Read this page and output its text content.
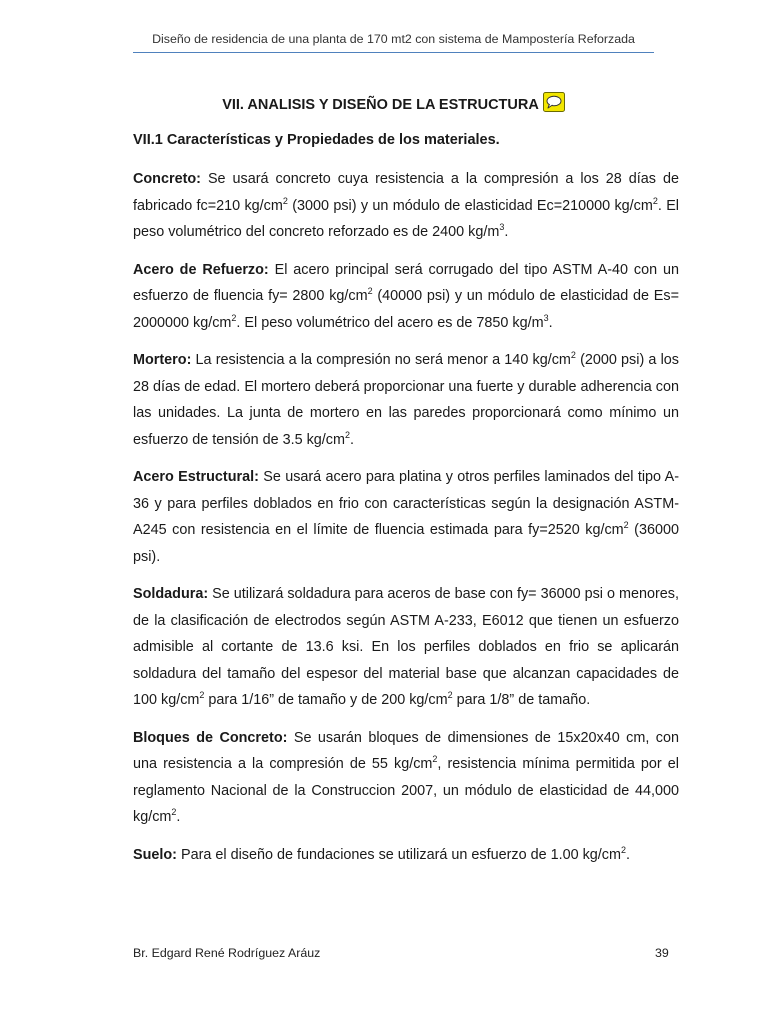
Diseño de residencia de una planta de 170 mt2 con sistema de Mampostería Reforzada
VII. ANALISIS Y DISEÑO DE LA ESTRUCTURA
VII.1 Características y Propiedades de los materiales.

Concreto: Se usará concreto cuya resistencia a la compresión a los 28 días de fabricado fc=210 $kg/cm^2$ (3000 psi) y un módulo de elasticidad Ec=210000 $kg/cm^2$. El peso volumétrico del concreto reforzado es de 2400 $kg/m^3$.

Acero de Refuerzo: El acero principal será corrugado del tipo ASTM A-40 con un esfuerzo de fluencia fy= 2800 $kg/cm^2$ (40000 psi) y un módulo de elasticidad de Es= 2000000 $kg/cm^2$. El peso volumétrico del acero es de 7850 $kg/m^3$.

Mortero: La resistencia a la compresión no será menor a 140 $kg/cm^2$ (2000 psi) a los 28 días de edad. El mortero deberá proporcionar una fuerte y durable adherencia con las unidades. La junta de mortero en las paredes proporcionará como mínimo un esfuerzo de tensión de 3.5 $kg/cm^2$.

Acero Estructural: Se usará acero para platina y otros perfiles laminados del tipo A-36 y para perfiles doblados en frio con características según la designación ASTM-A245 con resistencia en el límite de fluencia estimada para fy=2520 $kg/cm^2$ (36000 psi).

Soldadura: Se utilizará soldadura para aceros de base con fy= 36000 psi o menores, de la clasificación de electrodos según ASTM A-233, E6012 que tienen un esfuerzo admisible al cortante de 13.6 ksi. En los perfiles doblados en frio se aplicarán soldadura del tamaño del espesor del material base que alcanzan capacidades de 100 $kg/cm^2$ para 1/16” de tamaño y de 200 $kg/cm^2$ para 1/8” de tamaño.

Bloques de Concreto: Se usarán bloques de dimensiones de 15x20x40 cm, con una resistencia a la compresión de 55 $kg/cm^2$, resistencia mínima permitida por el reglamento Nacional de la Construccion 2007, un módulo de elasticidad de 44,000 $kg/cm^2$.

Suelo: Para el diseño de fundaciones se utilizará un esfuerzo de 1.00 $kg/cm^2$.

Br. Edgard René Rodríguez Aráuz	39
